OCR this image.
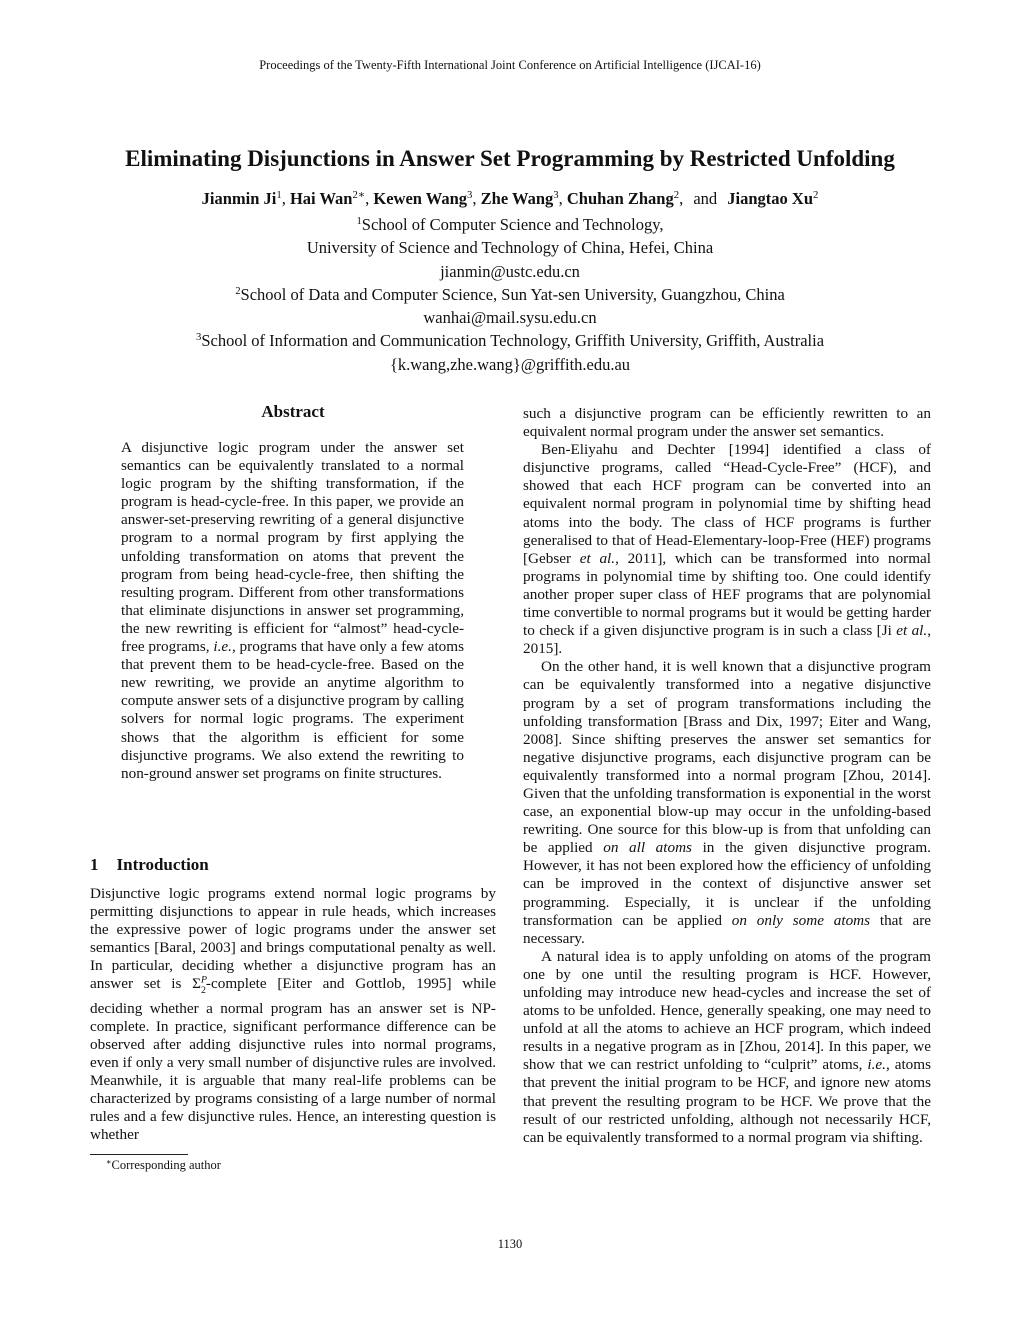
Proceedings of the Twenty-Fifth International Joint Conference on Artificial Intelligence (IJCAI-16)
Eliminating Disjunctions in Answer Set Programming by Restricted Unfolding
Jianmin Ji$^1$, Hai Wan$^{2∗}$, Kewen Wang$^3$, Zhe Wang$^3$, Chuhan Zhang$^2$, and Jiangtao Xu$^2$
$^1$School of Computer Science and Technology,
University of Science and Technology of China, Hefei, China
jianmin@ustc.edu.cn
$^2$School of Data and Computer Science, Sun Yat-sen University, Guangzhou, China
wanhai@mail.sysu.edu.cn
$^3$School of Information and Communication Technology, Griffith University, Griffith, Australia
{k.wang,zhe.wang}@griffith.edu.au
Abstract

A disjunctive logic program under the answer set semantics can be equivalently translated to a normal logic program by the shifting transformation, if the program is head-cycle-free. In this paper, we provide an answer-set-preserving rewriting of a general disjunctive program to a normal program by first applying the unfolding transformation on atoms that prevent the program from being head-cycle-free, then shifting the resulting program. Different from other transformations that eliminate disjunctions in answer set programming, the new rewriting is efficient for “almost” head-cycle-free programs, i.e., programs that have only a few atoms that prevent them to be head-cycle-free. Based on the new rewriting, we provide an anytime algorithm to compute answer sets of a disjunctive program by calling solvers for normal logic programs. The experiment shows that the algorithm is efficient for some disjunctive programs. We also extend the rewriting to non-ground answer set programs on finite structures.

1 Introduction

Disjunctive logic programs extend normal logic programs by permitting disjunctions to appear in rule heads, which increases the expressive power of logic programs under the answer set semantics [Baral, 2003] and brings computational penalty as well. In particular, deciding whether a disjunctive program has an answer set is $\Sigma^P_2$-complete [Eiter and Gottlob, 1995] while deciding whether a normal program has an answer set is NP-complete. In practice, significant performance difference can be observed after adding disjunctive rules into normal programs, even if only a very small number of disjunctive rules are involved. Meanwhile, it is arguable that many real-life problems can be characterized by programs consisting of a large number of normal rules and a few disjunctive rules. Hence, an interesting question is whether

such a disjunctive program can be efficiently rewritten to an equivalent normal program under the answer set semantics.

Ben-Eliyahu and Dechter [1994] identified a class of disjunctive programs, called “Head-Cycle-Free” (HCF), and showed that each HCF program can be converted into an equivalent normal program in polynomial time by shifting head atoms into the body. The class of HCF programs is further generalised to that of Head-Elementary-loop-Free (HEF) programs [Gebser et al., 2011], which can be transformed into normal programs in polynomial time by shifting too. One could identify another proper super class of HEF programs that are polynomial time convertible to normal programs but it would be getting harder to check if a given disjunctive program is in such a class [Ji et al., 2015].

On the other hand, it is well known that a disjunctive program can be equivalently transformed into a negative disjunctive program by a set of program transformations including the unfolding transformation [Brass and Dix, 1997; Eiter and Wang, 2008]. Since shifting preserves the answer set semantics for negative disjunctive programs, each disjunctive program can be equivalently transformed into a normal program [Zhou, 2014]. Given that the unfolding transformation is exponential in the worst case, an exponential blow-up may occur in the unfolding-based rewriting. One source for this blow-up is from that unfolding can be applied on all atoms in the given disjunctive program. However, it has not been explored how the efficiency of unfolding can be improved in the context of disjunctive answer set programming. Especially, it is unclear if the unfolding transformation can be applied on only some atoms that are necessary.

A natural idea is to apply unfolding on atoms of the program one by one until the resulting program is HCF. However, unfolding may introduce new head-cycles and increase the set of atoms to be unfolded. Hence, generally speaking, one may need to unfold at all the atoms to achieve an HCF program, which indeed results in a negative program as in [Zhou, 2014]. In this paper, we show that we can restrict unfolding to “culprit” atoms, i.e., atoms that prevent the initial program to be HCF, and ignore new atoms that prevent the resulting program to be HCF. We prove that the result of our restricted unfolding, although not necessarily HCF, can be equivalently transformed to a normal program via shifting.

∗Corresponding author
1130
